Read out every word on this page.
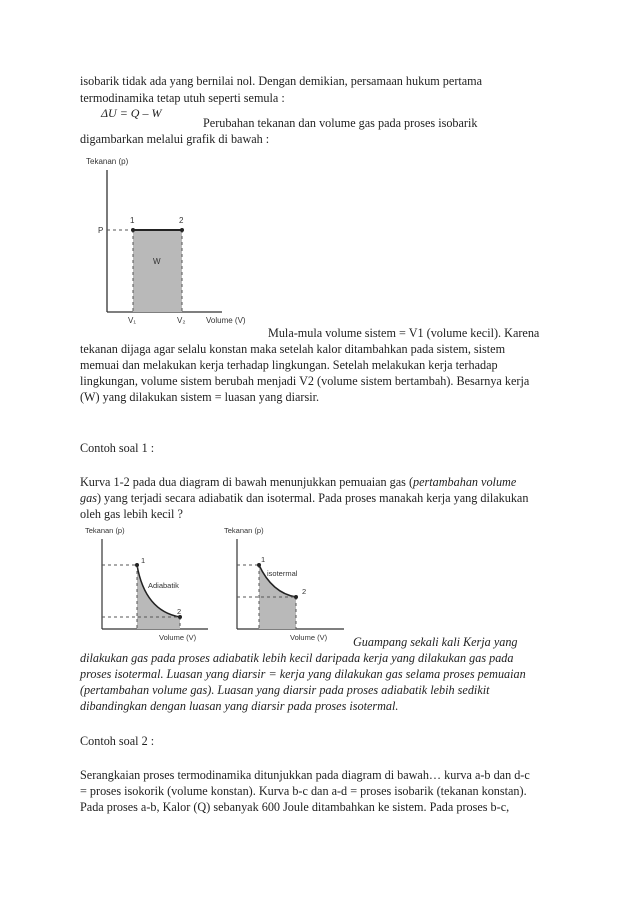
isobarik tidak ada yang bernilai nol. Dengan demikian, persamaan hukum pertama
termodinamika tetap utuh seperti semula :
ΔU = Q – W
Perubahan tekanan dan volume gas pada proses isobarik
digambarkan melalui grafik di bawah :
Tekanan (p)
1	2
P
W
V₁	V₂	Volume (V)
Mula-mula volume sistem = V1 (volume kecil). Karena
tekanan dijaga agar selalu konstan maka setelah kalor ditambahkan pada sistem, sistem
memuai dan melakukan kerja terhadap lingkungan. Setelah melakukan kerja terhadap
lingkungan, volume sistem berubah menjadi V2 (volume sistem bertambah). Besarnya kerja
(W) yang dilakukan sistem = luasan yang diarsir.
Contoh soal 1 :
Kurva 1-2 pada dua diagram di bawah menunjukkan pemuaian gas (pertambahan volume
gas) yang terjadi secara adiabatik dan isotermal. Pada proses manakah kerja yang dilakukan
oleh gas lebih kecil ?
Tekanan (p)
1
2
Adiabatik
Volume (V)
Tekanan (p)
1
2
isotermal
Volume (V) Guampang sekali kali Kerja yang
dilakukan gas pada proses adiabatik lebih kecil daripada kerja yang dilakukan gas pada
proses isotermal. Luasan yang diarsir = kerja yang dilakukan gas selama proses pemuaian
(pertambahan volume gas). Luasan yang diarsir pada proses adiabatik lebih sedikit
dibandingkan dengan luasan yang diarsir pada proses isotermal.
Contoh soal 2 :
Serangkaian proses termodinamika ditunjukkan pada diagram di bawah… kurva a-b dan d-c
= proses isokorik (volume konstan). Kurva b-c dan a-d = proses isobarik (tekanan konstan).
Pada proses a-b, Kalor (Q) sebanyak 600 Joule ditambahkan ke sistem. Pada proses b-c,
